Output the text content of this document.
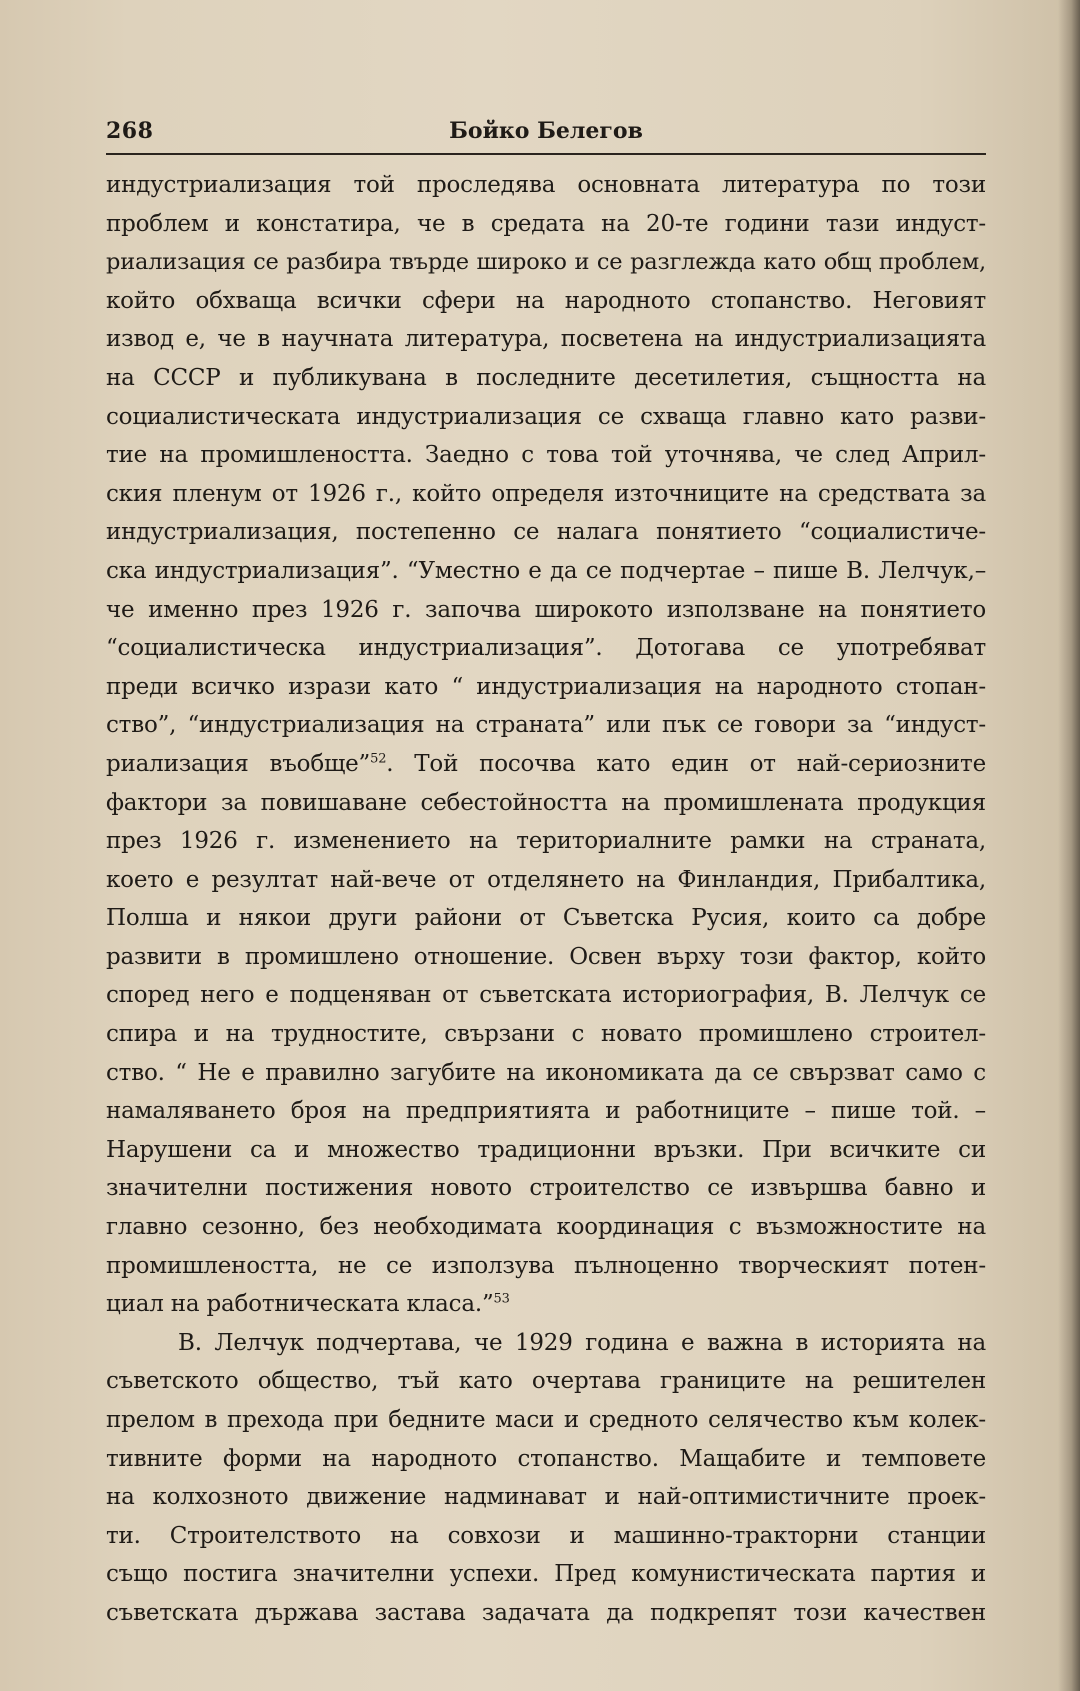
Бойко Белегов
268
индустриализация той проследява основната литература по този
проблем и констатира, че в средата на 20-те години тази индуст-
риализация се разбира твърде широко и се разглежда като общ проблем,
който обхваща всички сфери на народното стопанство. Неговият
извод е, че в научната литература, посветена на индустриализацията
на СССР и публикувана в последните десетилетия, същността на
социалистическата индустриализация се схваща главно като разви-
тие на промишлеността. Заедно с това той уточнява, че след Април-
ския пленум от 1926 г., който определя източниците на средствата за
индустриализация, постепенно се налага понятието “социалистиче-
ска индустриализация”. “Уместно е да се подчертае – пише В. Лелчук,–
че именно през 1926 г. започва широкото използване на понятието
“социалистическа индустриализация”. Дотогава се употребяват
преди всичко изрази като “ индустриализация на народното стопан-
ство”, “индустриализация на страната” или пък се говори за “индуст-
риализация въобще”$^{52}$. Той посочва като един от най-сериозните
фактори за повишаване себестойността на промишлената продукция
през 1926 г. изменението на териториалните рамки на страната,
което е резултат най-вече от отделянето на Финландия, Прибалтика,
Полша и някои други райони от Съветска Русия, които са добре
развити в промишлено отношение. Освен върху този фактор, който
според него е подценяван от съветската историография, В. Лелчук се
спира и на трудностите, свързани с новато промишлено строител-
ство. “ Не е правилно загубите на икономиката да се свързват само с
намаляването броя на предприятията и работниците – пише той. –
Нарушени са и множество традиционни връзки. При всичките си
значителни постижения новото строителство се извършва бавно и
главно сезонно, без необходимата координация с възможностите на
промишлеността, не се използува пълноценно творческият потен-
циал на работническата класа.”$^{53}$
В. Лелчук подчертава, че 1929 година е важна в историята на
съветското общество, тъй като очертава границите на решителен
прелом в прехода при бедните маси и средното селячество към колек-
тивните форми на народното стопанство. Мащабите и темповете
на колхозното движение надминават и най-оптимистичните проек-
ти. Строителството на совхози и машинно-тракторни станции
също постига значителни успехи. Пред комунистическата партия и
съветската държава застава задачата да подкрепят този качествен
